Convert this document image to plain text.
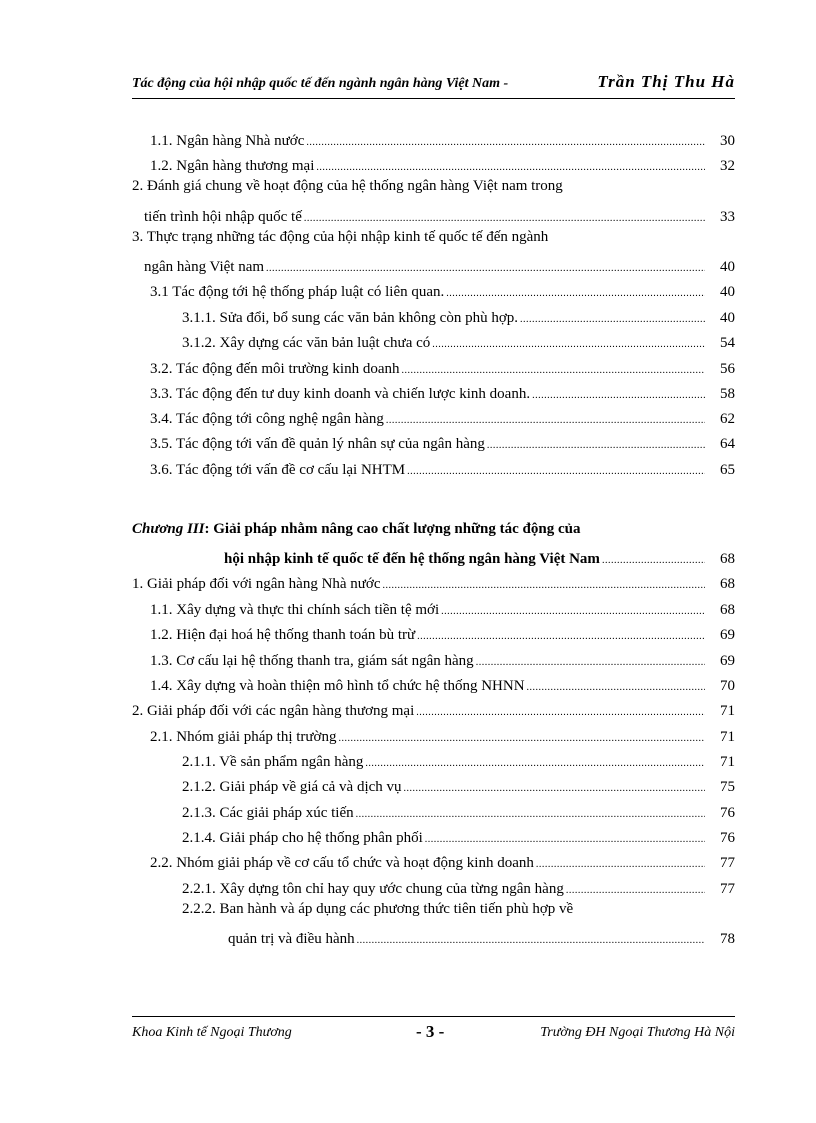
Tác động của hội nhập quốc tế đến ngành ngân hàng Việt Nam -	Trần Thị Thu Hà
1.1. Ngân hàng Nhà nước .....	30
1.2. Ngân hàng thương mại .....	32
2. Đánh giá chung về hoạt động của hệ thống ngân hàng Việt nam trong
tiến trình hội nhập quốc tế .....	33
3. Thực trạng những tác động của hội nhập kinh tế quốc tế đến ngành
ngân hàng Việt nam .....	40
3.1 Tác động tới hệ thống pháp luật có liên quan. .....	40
3.1.1. Sửa đổi, bổ sung các văn bản không còn phù hợp. .....	40
3.1.2. Xây dựng các văn bản luật chưa có .....	54
3.2. Tác động đến môi trường kinh doanh .....	56
3.3. Tác động đến tư duy kinh doanh và chiến lược kinh doanh. .....	58
3.4. Tác động tới công nghệ ngân hàng .....	62
3.5. Tác động tới vấn đề quản lý nhân sự của ngân hàng .....	64
3.6. Tác động tới vấn đề cơ cấu lại NHTM .....	65
Chương III: Giải pháp nhằm nâng cao chất lượng những tác động của
hội nhập kinh tế quốc tế đến hệ thống ngân hàng Việt Nam .....	68
1. Giải pháp đối với ngân hàng Nhà nước .....	68
1.1. Xây dựng và thực thi chính sách tiền tệ mới .....	68
1.2. Hiện đại hoá hệ thống thanh toán bù trừ .....	69
1.3. Cơ cấu lại hệ thống thanh tra, giám sát ngân hàng .....	69
1.4. Xây dựng và hoàn thiện mô hình tổ chức hệ thống NHNN .....	70
2. Giải pháp đối với các ngân hàng thương mại .....	71
2.1. Nhóm giải pháp thị trường .....	71
2.1.1. Về sản phẩm ngân hàng .....	71
2.1.2. Giải pháp về giá cả và dịch vụ .....	75
2.1.3. Các giải pháp xúc tiến .....	76
2.1.4. Giải pháp cho hệ thống phân phối .....	76
2.2. Nhóm giải pháp về cơ cấu tổ chức và hoạt động kinh doanh .....	77
2.2.1. Xây dựng tôn chỉ hay quy ước chung của từng ngân hàng .....	77
2.2.2. Ban hành và áp dụng các phương thức tiên tiến phù hợp về
quản trị và điều hành .....	78
Khoa Kinh tế Ngoại Thương	- 3 -	Trường ĐH Ngoại Thương Hà Nội
